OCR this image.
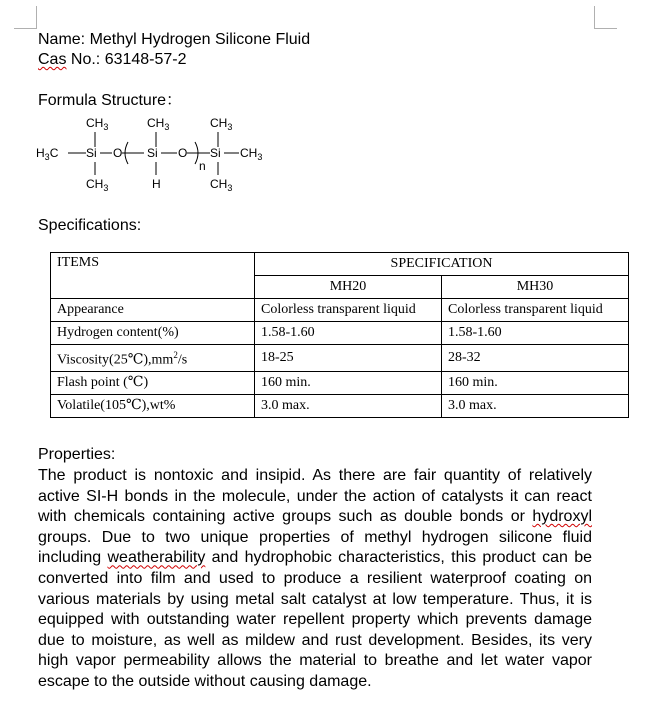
Name: Methyl Hydrogen Silicone Fluid
Cas No.: 63148-57-2
Formula Structure：
$CH_3$	$CH_3$	$CH_3$
$H_3C$ Si O Si O
n
Si $CH_3$
$CH_3$	H	$CH_3$
Specifications:
ITEMS	SPECIFICATION	
	MH20	MH30
Appearance	Colorless transparent liquid	Colorless transparent liquid
Hydrogen content(%)	1.58-1.60	1.58-1.60
$Viscosity(25℃),mm^2/s$	18-25	28-32
Flash point (℃)	160 min.	160 min.
Volatile(105℃),wt%	3.0 max.	3.0 max.
Properties:
The product is nontoxic and insipid. As there are fair quantity of relatively active SI-H bonds in the molecule, under the action of catalysts it can react with chemicals containing active groups such as double bonds or hydroxyl groups. Due to two unique properties of methyl hydrogen silicone fluid including weatherability and hydrophobic characteristics, this product can be converted into film and used to produce a resilient waterproof coating on various materials by using metal salt catalyst at low temperature. Thus, it is equipped with outstanding water repellent property which prevents damage due to moisture, as well as mildew and rust development. Besides, its very high vapor permeability allows the material to breathe and let water vapor escape to the outside without causing damage.
